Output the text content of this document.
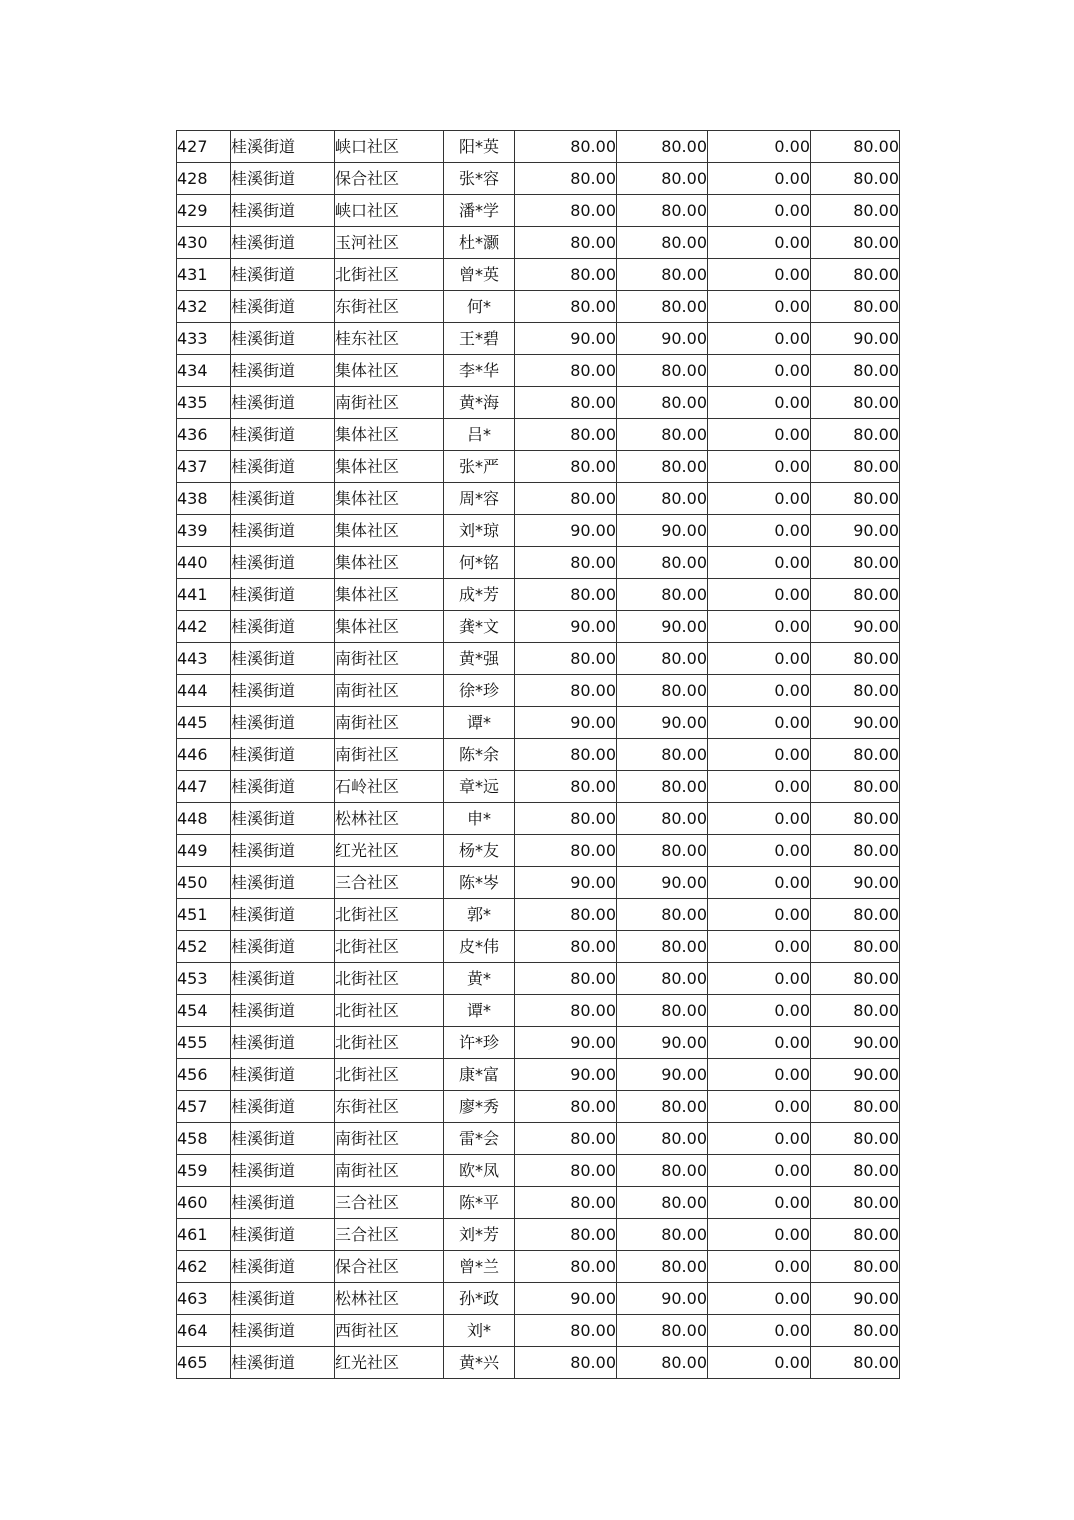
427	桂溪街道	峡口社区	阳*英	80.00	80.00	0.00	80.00
428	桂溪街道	保合社区	张*容	80.00	80.00	0.00	80.00
429	桂溪街道	峡口社区	潘*学	80.00	80.00	0.00	80.00
430	桂溪街道	玉河社区	杜*灏	80.00	80.00	0.00	80.00
431	桂溪街道	北街社区	曾*英	80.00	80.00	0.00	80.00
432	桂溪街道	东街社区	何*	80.00	80.00	0.00	80.00
433	桂溪街道	桂东社区	王*碧	90.00	90.00	0.00	90.00
434	桂溪街道	集体社区	李*华	80.00	80.00	0.00	80.00
435	桂溪街道	南街社区	黄*海	80.00	80.00	0.00	80.00
436	桂溪街道	集体社区	吕*	80.00	80.00	0.00	80.00
437	桂溪街道	集体社区	张*严	80.00	80.00	0.00	80.00
438	桂溪街道	集体社区	周*容	80.00	80.00	0.00	80.00
439	桂溪街道	集体社区	刘*琼	90.00	90.00	0.00	90.00
440	桂溪街道	集体社区	何*铭	80.00	80.00	0.00	80.00
441	桂溪街道	集体社区	成*芳	80.00	80.00	0.00	80.00
442	桂溪街道	集体社区	龚*文	90.00	90.00	0.00	90.00
443	桂溪街道	南街社区	黄*强	80.00	80.00	0.00	80.00
444	桂溪街道	南街社区	徐*珍	80.00	80.00	0.00	80.00
445	桂溪街道	南街社区	谭*	90.00	90.00	0.00	90.00
446	桂溪街道	南街社区	陈*余	80.00	80.00	0.00	80.00
447	桂溪街道	石岭社区	章*远	80.00	80.00	0.00	80.00
448	桂溪街道	松林社区	申*	80.00	80.00	0.00	80.00
449	桂溪街道	红光社区	杨*友	80.00	80.00	0.00	80.00
450	桂溪街道	三合社区	陈*岑	90.00	90.00	0.00	90.00
451	桂溪街道	北街社区	郭*	80.00	80.00	0.00	80.00
452	桂溪街道	北街社区	皮*伟	80.00	80.00	0.00	80.00
453	桂溪街道	北街社区	黄*	80.00	80.00	0.00	80.00
454	桂溪街道	北街社区	谭*	80.00	80.00	0.00	80.00
455	桂溪街道	北街社区	许*珍	90.00	90.00	0.00	90.00
456	桂溪街道	北街社区	康*富	90.00	90.00	0.00	90.00
457	桂溪街道	东街社区	廖*秀	80.00	80.00	0.00	80.00
458	桂溪街道	南街社区	雷*会	80.00	80.00	0.00	80.00
459	桂溪街道	南街社区	欧*凤	80.00	80.00	0.00	80.00
460	桂溪街道	三合社区	陈*平	80.00	80.00	0.00	80.00
461	桂溪街道	三合社区	刘*芳	80.00	80.00	0.00	80.00
462	桂溪街道	保合社区	曾*兰	80.00	80.00	0.00	80.00
463	桂溪街道	松林社区	孙*政	90.00	90.00	0.00	90.00
464	桂溪街道	西街社区	刘*	80.00	80.00	0.00	80.00
465	桂溪街道	红光社区	黄*兴	80.00	80.00	0.00	80.00
